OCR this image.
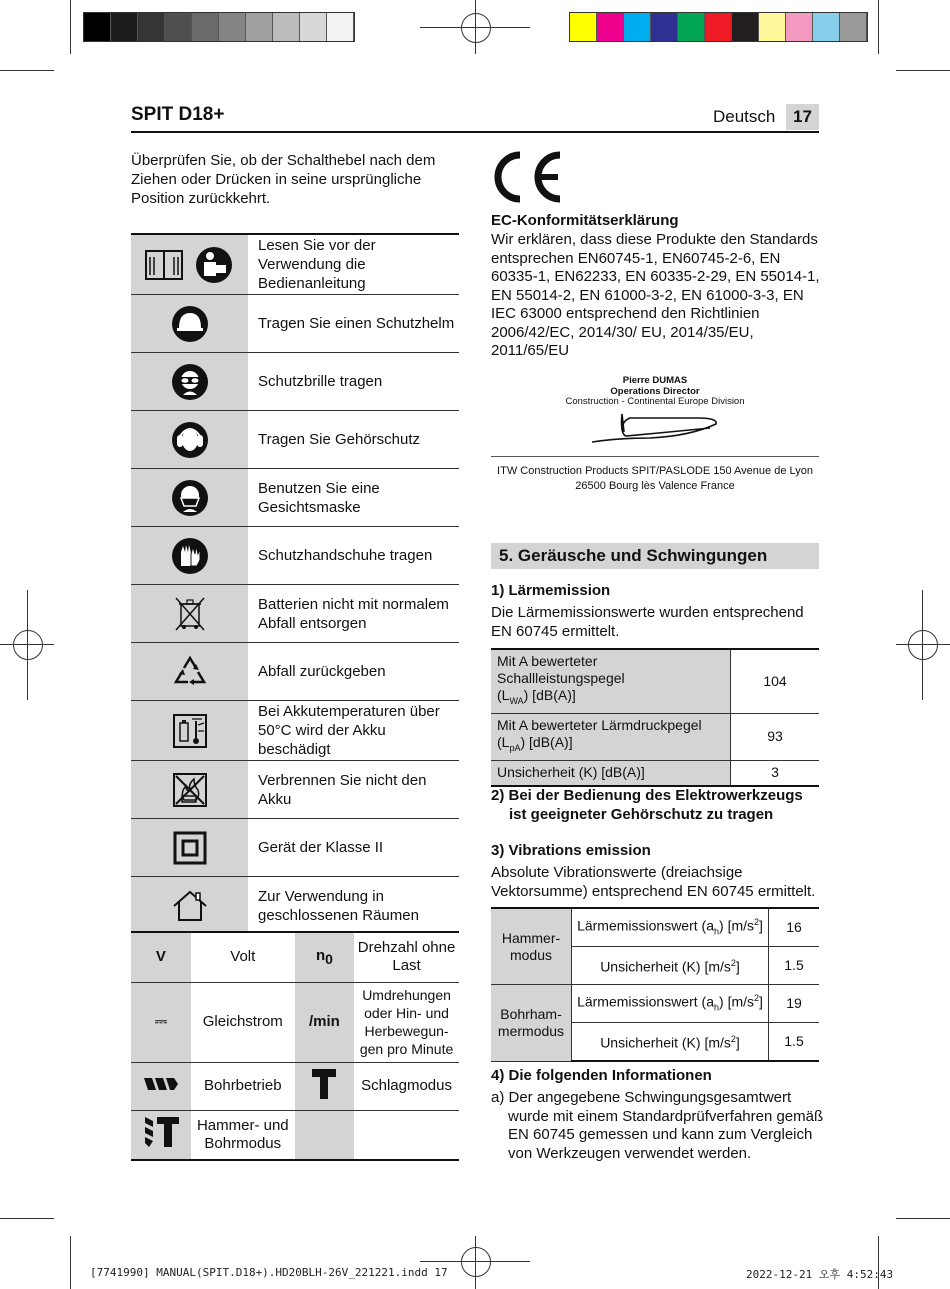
SPIT D18+	Deutsch	17
Überprüfen Sie, ob der Schalthebel nach dem Ziehen oder Drücken in seine ursprüngliche Position zurückkehrt.
	Lesen Sie vor der Verwendung die Bedienanleitung
	Tragen Sie einen Schutzhelm
	Schutzbrille tragen
	Tragen Sie Gehörschutz
	Benutzen Sie eine Gesichtsmaske
	Schutzhandschuhe tragen
	Batterien nicht mit normalem Abfall entsorgen
	Abfall zurückgeben
	Bei Akkutemperaturen über 50°C wird der Akku beschädigt
	Verbrennen Sie nicht den Akku
	Gerät der Klasse II
	Zur Verwendung in geschlossenen Räumen
V	Volt	$n_0$	Drehzahl ohne Last
⎓	Gleichstrom	/min	Umdrehungen oder Hin- und Herbewegun-gen pro Minute
	Bohrbetrieb		Schlagmodus
	Hammer- und Bohrmodus		
EC-Konformitätserklärung
Wir erklären, dass diese Produkte den Standards entsprechen EN60745-1, EN60745-2-6, EN 60335-1, EN62233, EN 60335-2-29, EN 55014-1, EN 55014-2, EN 61000-3-2, EN 61000-3-3, EN IEC 63000 entsprechend den Richtlinien 2006/42/EC, 2014/30/ EU, 2014/35/EU, 2011/65/EU
Pierre DUMAS
Operations Director
Construction - Continental Europe Division
ITW Construction Products SPIT/PASLODE 150 Avenue de Lyon
26500 Bourg lès Valence France
5. Geräusche und Schwingungen
1) Lärmemission
Die Lärmemissionswerte wurden entsprechend EN 60745 ermittelt.
Mit A bewerteter Schallleistungspegel
$(L_{WA})$ [dB(A)]	104
Mit A bewerteter Lärmdruckpegel
$(L_{pA})$ [dB(A)]	93
Unsicherheit (K) [dB(A)]	3
2) Bei der Bedienung des Elektrowerkzeugs
ist geeigneter Gehörschutz zu tragen
3) Vibrations emission
Absolute Vibrationswerte (dreiachsige Vektorsumme) entsprechend EN 60745 ermittelt.
Hammer- modus	Lärmemissionswert $(a_h)$ $[m/s^2]$	16
	Unsicherheit (K) $[m/s^2]$	1.5
Bohrham- mermodus	Lärmemissionswert $(a_h)$ $[m/s^2]$	19
	Unsicherheit (K) $[m/s^2]$	1.5
4) Die folgenden Informationen
a) Der angegebene Schwingungsgesamtwert wurde mit einem Standardprüfverfahren gemäß EN 60745 gemessen und kann zum Vergleich von Werkzeugen verwendet werden.
[7741990] MANUAL(SPIT.D18+).HD20BLH-26V_221221.indd 17	2022-12-21 오후 4:52:43
